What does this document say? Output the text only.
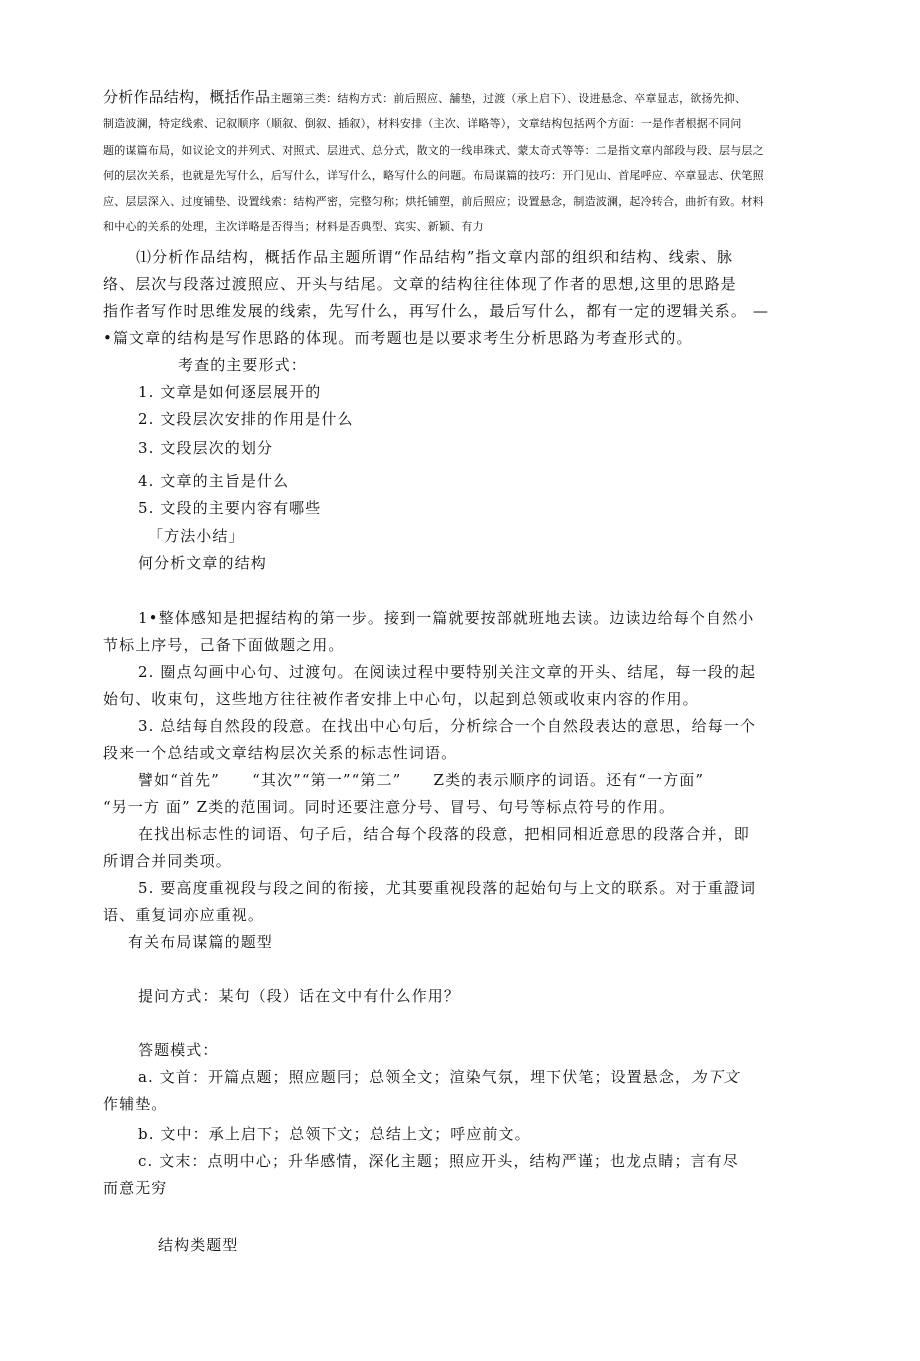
分析作品结构，概括作品主题第三类：结构方式：前后照应、舗垫，过渡（承上启下）、设进悬念、卒章显志，欲扬先抑、

制造波澜，特定线索、记叙顺序（顺叙、倒叙、插叙），材料安排（主次、详略等），文章结构包括两个方面：一是作者根据不同问

题的谋篇布局，如议论文的并列式、对照式、层进式、总分式，散文的一线串珠式、蒙太奇式等等：二是指文章内部段与段、层与层之

何的层次关系，也就是先写什么，后写什么，详写什么，略写什么的问题。布局谋篇的技巧：开门见山、首尾呼应、卒章显志、伏笔照

应、层层深入、过度铺垫、设置线索：结构严密，完整匀称；烘托铺塑，前后照应；设置悬念，制造波澜，起冷转合，曲折有致。材料

和中心的关系的处理，主次详略是否得当；材料是否典型、宾实、新颖、有力

⑴分析作品结构，概括作品主题所谓“作品结构”指文章内部的组织和结构、线索、脉

络、层次与段落过渡照应、开头与结尾。文章的结构往往体现了作者的思想,这里的思路是

指作者写作时思维发展的线索，先写什么，再写什么，最后写什么，都有一定的逻辑关系。 —

•篇文章的结构是写作思路的体现。而考题也是以要求考生分析思路为考查形式的。

考查的主要形式：

1. 文章是如何逐层展开的

2. 文段层次安排的作用是什么

3. 文段层次的划分

4. 文章的主旨是什么

5. 文段的主要内容有哪些

「方法小结」

何分析文章的结构

1•整体感知是把握结构的第一步。接到一篇就要按部就班地去读。边读边给每个自然小

节标上序号，己备下面做题之用。

2. 圈点勾画中心句、过渡句。在阅读过程中要特别关注文章的开头、结尾，每一段的起

始句、收束句，这些地方往往被作者安排上中心句，以起到总领或收束内容的作用。

3. 总结每自然段的段意。在找出中心句后，分析综合一个自然段表达的意思，给每一个

段来一个总结或文章结构层次关系的标志性词语。

譬如“首先”　　“其次”“第一”“第二”　　Z类的表示顺序的词语。还有“一方面”

“另一方 面” Z类的范围词。同时还要注意分号、冒号、句号等标点符号的作用。

在找出标志性的词语、句子后，结合每个段落的段意，把相同相近意思的段落合并，即

所谓合并同类项。

5. 要高度重视段与段之间的衔接，尤其要重视段落的起始句与上文的联系。对于重證词

语、重复词亦应重视。

有关布局谋篇的题型

提问方式：某句（段）话在文中有什么作用？

答题模式：

a. 文首：开篇点题；照应题冃；总领全文；渲染气氛，埋下伏笔；设置悬念，为下文

作辅垫。

b. 文中：承上启下；总领下文；总结上文；呼应前文。

c. 文末：点明中心；升华感情，深化主题；照应开头，结构严谨；也龙点睛；言有尽

而意无穷

结构类题型
